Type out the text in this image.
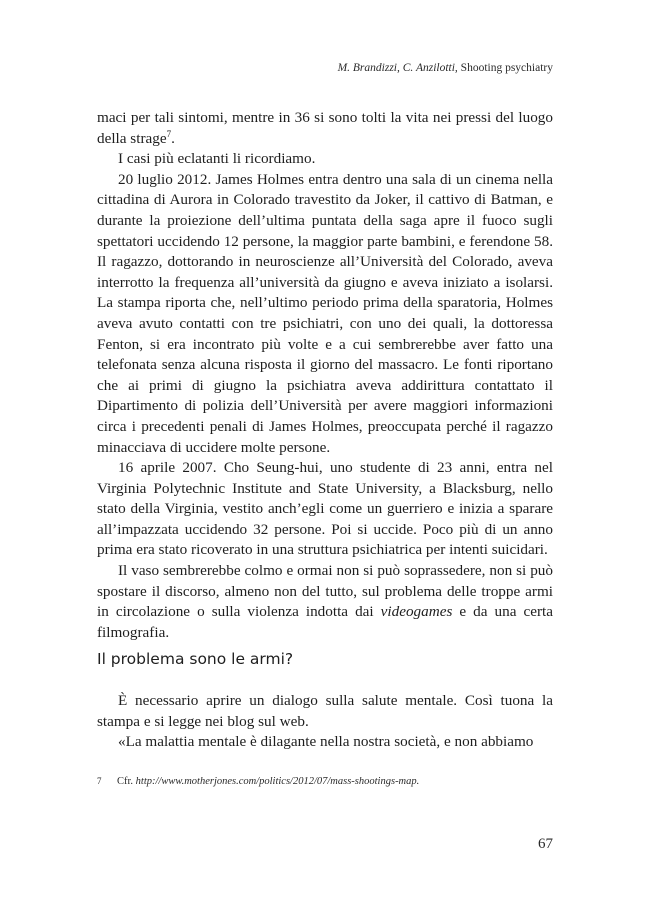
M. Brandizzi, C. Anzilotti, Shooting psychiatry

maci per tali sintomi, mentre in 36 si sono tolti la vita nei pressi del luogo della strage$^7$.

I casi più eclatanti li ricordiamo.

20 luglio 2012. James Holmes entra dentro una sala di un cinema nella cittadina di Aurora in Colorado travestito da Joker, il cattivo di Batman, e durante la proiezione dell’ultima puntata della saga apre il fuoco sugli spettatori uccidendo 12 persone, la maggior parte bambini, e ferendone 58. Il ragazzo, dottorando in neuroscienze all’Università del Colorado, aveva interrotto la frequenza all’università da giugno e aveva iniziato a isolarsi. La stampa riporta che, nell’ultimo periodo prima della sparatoria, Holmes aveva avuto contatti con tre psichiatri, con uno dei quali, la dottoressa Fenton, si era incontrato più volte e a cui sembrerebbe aver fatto una telefonata senza alcuna risposta il giorno del massacro. Le fonti riportano che ai primi di giugno la psichiatra aveva addirittura contattato il Dipartimento di polizia dell’Università per avere maggiori informazioni circa i precedenti penali di James Holmes, preoccupata perché il ragazzo minacciava di uccidere molte persone.

16 aprile 2007. Cho Seung-hui, uno studente di 23 anni, entra nel Virginia Polytechnic Institute and State University, a Blacksburg, nello stato della Virginia, vestito anch’egli come un guerriero e inizia a sparare all’impazzata uccidendo 32 persone. Poi si uccide. Poco più di un anno prima era stato ricoverato in una struttura psichiatrica per intenti suicidari.

Il vaso sembrerebbe colmo e ormai non si può soprassedere, non si può spostare il discorso, almeno non del tutto, sul problema delle troppe armi in circolazione o sulla violenza indotta dai videogames e da una certa filmografia.

Il problema sono le armi?

È necessario aprire un dialogo sulla salute mentale. Così tuona la stampa e si legge nei blog sul web.

«La malattia mentale è dilagante nella nostra società, e non abbiamo

7 Cfr. http://www.motherjones.com/politics/2012/07/mass-shootings-map.
67
